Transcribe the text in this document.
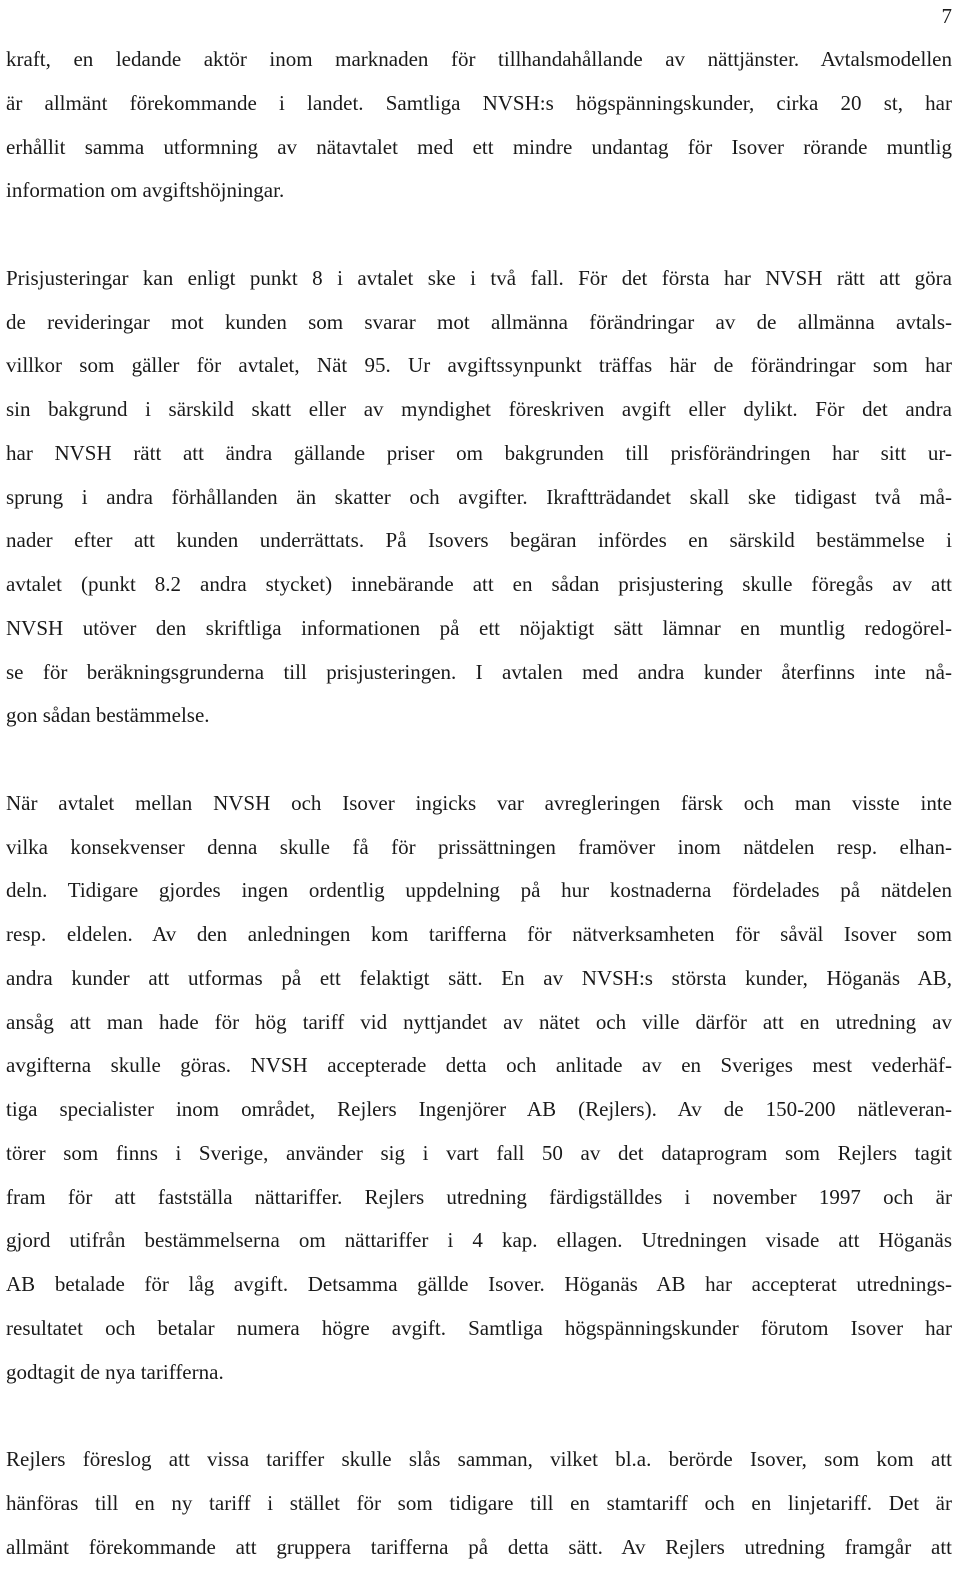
7
kraft, en ledande aktör inom marknaden för tillhandahållande av nättjänster. Avtalsmodellen
är allmänt förekommande i landet. Samtliga NVSH:s högspänningskunder, cirka 20 st, har
erhållit samma utformning av nätavtalet med ett mindre undantag för Isover rörande muntlig
information om avgiftshöjningar.
Prisjusteringar kan enligt punkt 8 i avtalet ske i två fall. För det första har NVSH rätt att göra
de revideringar mot kunden som svarar mot allmänna förändringar av de allmänna avtals-
villkor som gäller för avtalet, Nät 95. Ur avgiftssynpunkt träffas här de förändringar som har
sin bakgrund i särskild skatt eller av myndighet föreskriven avgift eller dylikt. För det andra
har NVSH rätt att ändra gällande priser om bakgrunden till prisförändringen har sitt ur-
sprung i andra förhållanden än skatter och avgifter. Ikraftträdandet skall ske tidigast två må-
nader efter att kunden underrättats. På Isovers begäran infördes en särskild bestämmelse i
avtalet (punkt 8.2 andra stycket) innebärande att en sådan prisjustering skulle föregås av att
NVSH utöver den skriftliga informationen på ett nöjaktigt sätt lämnar en muntlig redogörel-
se för beräkningsgrunderna till prisjusteringen. I avtalen med andra kunder återfinns inte nå-
gon sådan bestämmelse.
När avtalet mellan NVSH och Isover ingicks var avregleringen färsk och man visste inte
vilka konsekvenser denna skulle få för prissättningen framöver inom nätdelen resp. elhan-
deln. Tidigare gjordes ingen ordentlig uppdelning på hur kostnaderna fördelades på nätdelen
resp. eldelen. Av den anledningen kom tarifferna för nätverksamheten för såväl Isover som
andra kunder att utformas på ett felaktigt sätt. En av NVSH:s största kunder, Höganäs AB,
ansåg att man hade för hög tariff vid nyttjandet av nätet och ville därför att en utredning av
avgifterna skulle göras. NVSH accepterade detta och anlitade av en Sveriges mest vederhäf-
tiga specialister inom området, Rejlers Ingenjörer AB (Rejlers). Av de 150-200 nätleveran-
törer som finns i Sverige, använder sig i vart fall 50 av det dataprogram som Rejlers tagit
fram för att fastställa nättariffer. Rejlers utredning färdigställdes i november 1997 och är
gjord utifrån bestämmelserna om nättariffer i 4 kap. ellagen. Utredningen visade att Höganäs
AB betalade för låg avgift. Detsamma gällde Isover. Höganäs AB har accepterat utrednings-
resultatet och betalar numera högre avgift. Samtliga högspänningskunder förutom Isover har
godtagit de nya tarifferna.
Rejlers föreslog att vissa tariffer skulle slås samman, vilket bl.a. berörde Isover, som kom att
hänföras till en ny tariff i stället för som tidigare till en stamtariff och en linjetariff. Det är
allmänt förekommande att gruppera tarifferna på detta sätt. Av Rejlers utredning framgår att
